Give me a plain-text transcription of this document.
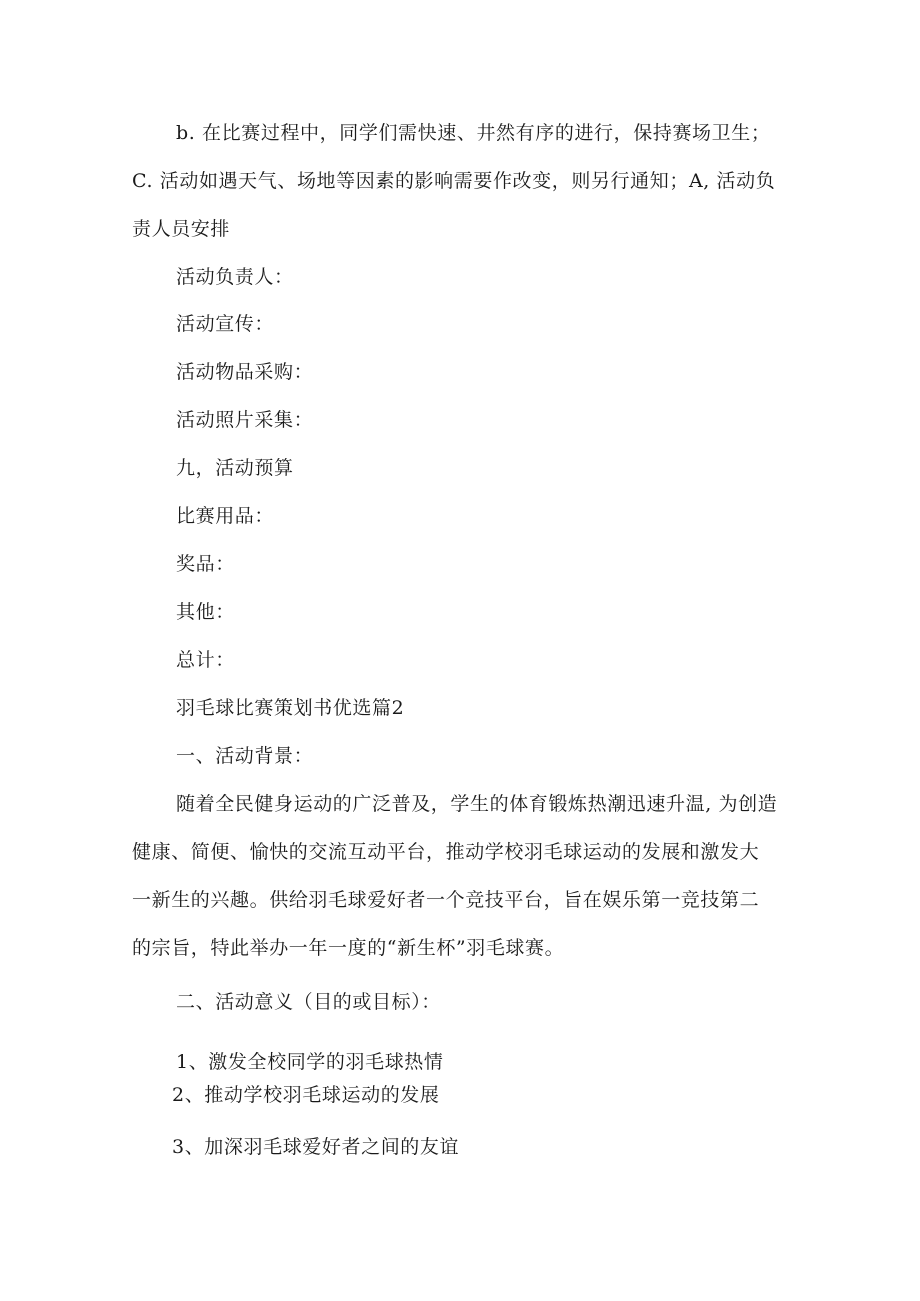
b. 在比赛过程中，同学们需快速、井然有序的进行，保持赛场卫生；

C. 活动如遇天气、场地等因素的影响需要作改变，则另行通知；A, 活动负

责人员安排

活动负责人：

活动宣传：

活动物品采购：

活动照片采集：

九，活动预算

比赛用品：

奖品：

其他：

总计：

羽毛球比赛策划书优选篇2

一、活动背景：

随着全民健身运动的广泛普及，学生的体育锻炼热潮迅速升温, 为创造

健康、简便、愉快的交流互动平台，推动学校羽毛球运动的发展和激发大

一新生的兴趣。供给羽毛球爱好者一个竞技平台，旨在娱乐第一竞技第二

的宗旨，特此举办一年一度的“新生杯”羽毛球赛。

二、活动意义（目的或目标）：

1、激发全校同学的羽毛球热情

2、推动学校羽毛球运动的发展

3、加深羽毛球爱好者之间的友谊
